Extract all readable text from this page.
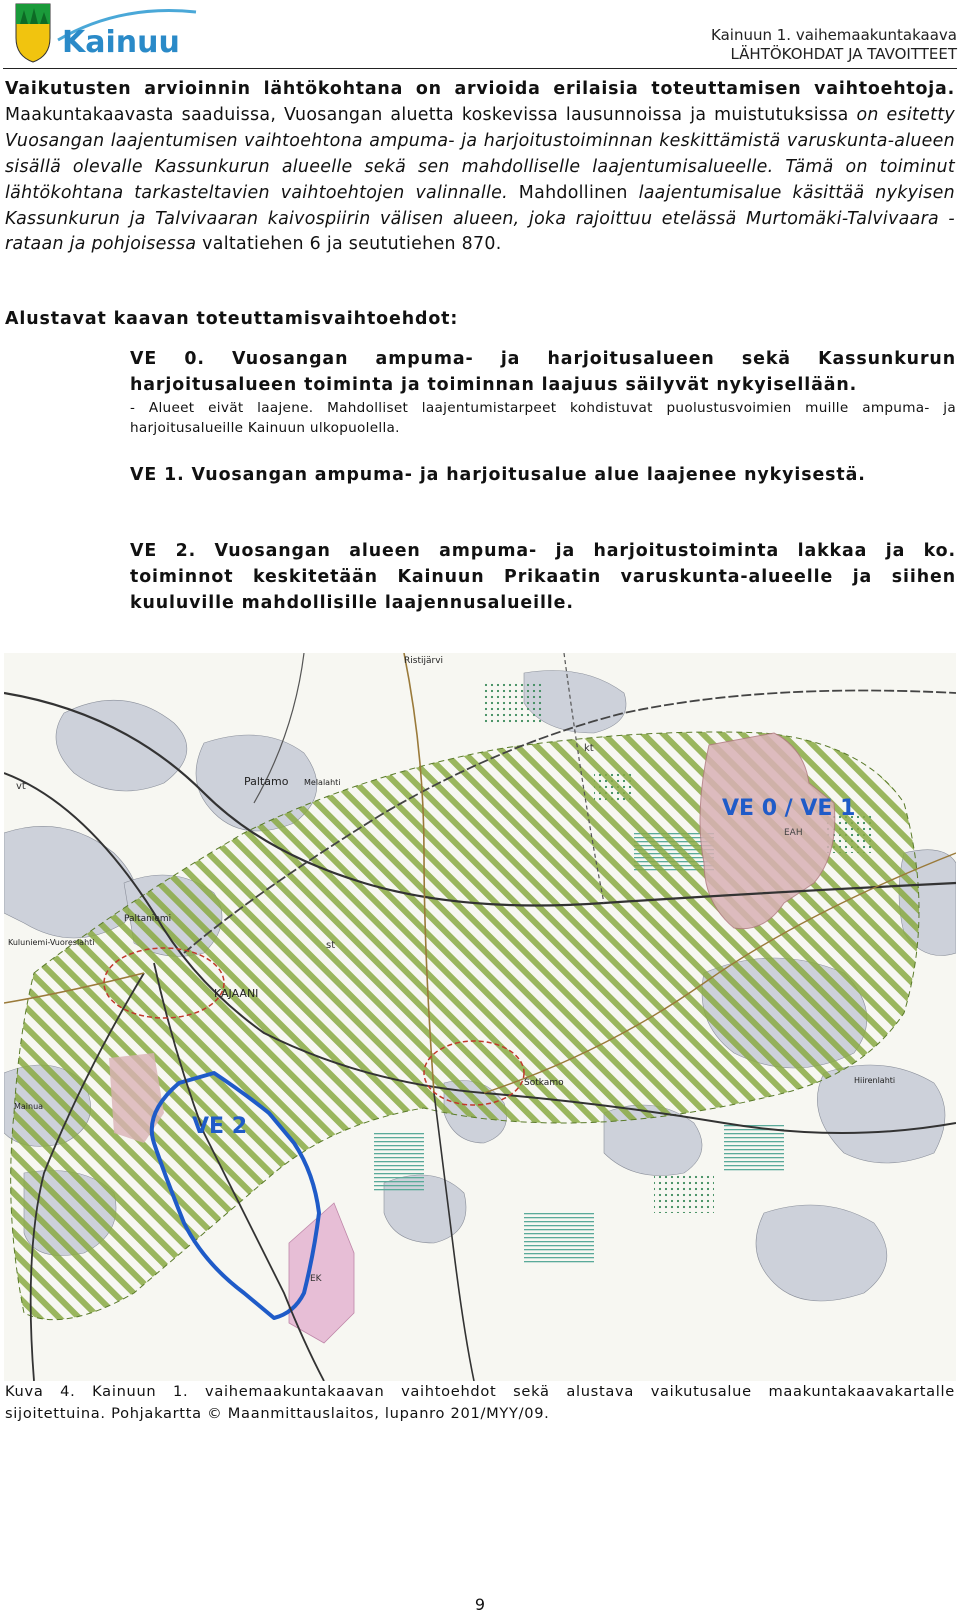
Kainuu	Kainuun 1. vaihemaakuntakaava
LÄHTÖKOHDAT JA TAVOITTEET
Vaikutusten arvioinnin lähtökohtana on arvioida erilaisia toteuttamisen vaihtoehtoja. Maakuntakaavasta saaduissa, Vuosangan aluetta koskevissa lausunnoissa ja muistutuksissa on esitetty Vuosangan laajentumisen vaihtoehtona ampuma- ja harjoitustoiminnan keskittämistä varuskunta-alueen sisällä olevalle Kassunkurun alueelle sekä sen mahdolliselle laajentumisalueelle. Tämä on toiminut lähtökohtana tarkasteltavien vaihtoehtojen valinnalle. Mahdollinen laajentumisalue käsittää nykyisen Kassunkurun ja Talvivaaran kaivospiirin välisen alueen, joka rajoittuu etelässä Murtomäki-Talvivaara -rataan ja pohjoisessa valtatiehen 6 ja seututiehen 870.
Alustavat kaavan toteuttamisvaihtoehdot:
VE 0. Vuosangan ampuma- ja harjoitusalueen sekä Kassunkurun harjoitusalueen toiminta ja toiminnan laajuus säilyvät nykyisellään.
- Alueet eivät laajene. Mahdolliset laajentumistarpeet kohdistuvat puolustusvoimien muille ampuma- ja harjoitusalueille Kainuun ulkopuolella.
VE 1. Vuosangan ampuma- ja harjoitusalue alue laajenee nykyisestä.
VE 2. Vuosangan alueen ampuma- ja harjoitustoiminta lakkaa ja ko. toiminnot keskitetään Kainuun Prikaatin varuskunta-alueelle ja siihen kuuluville mahdollisille laajennusalueille.
VE 0 / VE 1
EAH
VE 2
KAJAANI
Paltamo
Sotkamo
Ristijärvi
Paltaniemi
Kuluniemi-Vuoreslahti
Mainua
Melalahti
Hiirenlahti
EK
kt
st
vt
Kuva 4. Kainuun 1. vaihemaakuntakaavan vaihtoehdot sekä alustava vaikutusalue maakuntakaavakartalle sijoitettuina. Pohjakartta © Maanmittauslaitos, lupanro 201/MYY/09.
9
